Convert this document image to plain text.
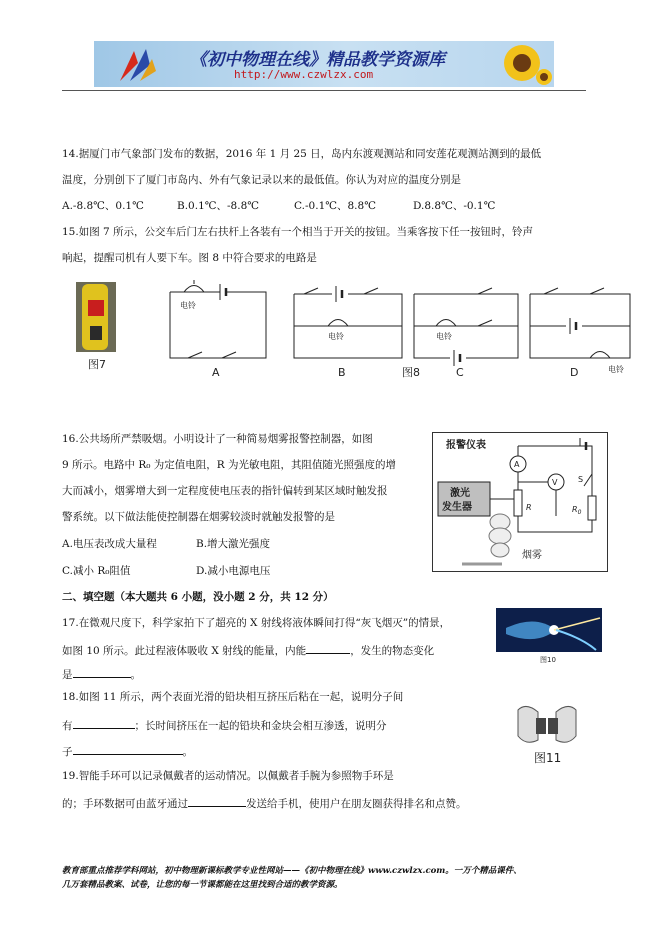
《初中物理在线》精品教学资源库
http://www.czwlzx.com
14.据厦门市气象部门发布的数据，2016 年 1 月 25 日，岛内东渡观测站和同安莲花观测站测到的最低
温度，分别创下了厦门市岛内、外有气象记录以来的最低值。你认为对应的温度分别是
A.-8.8℃、0.1℃	B.0.1℃、-8.8℃	C.-0.1℃、8.8℃	D.8.8℃、-0.1℃
15.如图 7 所示，公交车后门左右扶杆上各装有一个相当于开关的按钮。当乘客按下任一按钮时，铃声
响起，提醒司机有人要下车。图 8 中符合要求的电路是
图7
电铃
A
电铃
B	图8
电铃
C	电铃
D
16.公共场所严禁吸烟。小明设计了一种简易烟雾报警控制器，如图
9 所示。电路中 R₀ 为定值电阻，R 为光敏电阻，其阻值随光照强度的增
大而减小，烟雾增大到一定程度使电压表的指针偏转到某区域时触发报
警系统。以下做法能使控制器在烟雾较淡时就触发报警的是
A.电压表改成大量程	B.增大激光强度
C.减小 R₀阻值	D.减小电源电压
报警仪表
A
V	S
R	$R_0$
激光
发生器
烟雾
二、填空题（本大题共 6 小题，没小题 2 分，共 12 分）
17.在微观尺度下，科学家拍下了超亮的 X 射线将液体瞬间打得“灰飞烟灭”的情景，
如图 10 所示。此过程液体吸收 X 射线的能量，内能	，发生的物态变化
是	。
图10
18.如图 11 所示，两个表面光滑的铅块相互挤压后粘在一起，说明分子间
有	；长时间挤压在一起的铅块和金块会相互渗透，说明分
子	。	图11
19.智能手环可以记录佩戴者的运动情况。以佩戴者手腕为参照物手环是
的；手环数据可由蓝牙通过	发送给手机，使用户在朋友圈获得排名和点赞。
教育部重点推荐学科网站，初中物理新课标教学专业性网站——《初中物理在线》www.czwlzx.com。一万个精品课件、
几万套精品教案、试卷，让您的每一节课都能在这里找到合适的教学资源。
